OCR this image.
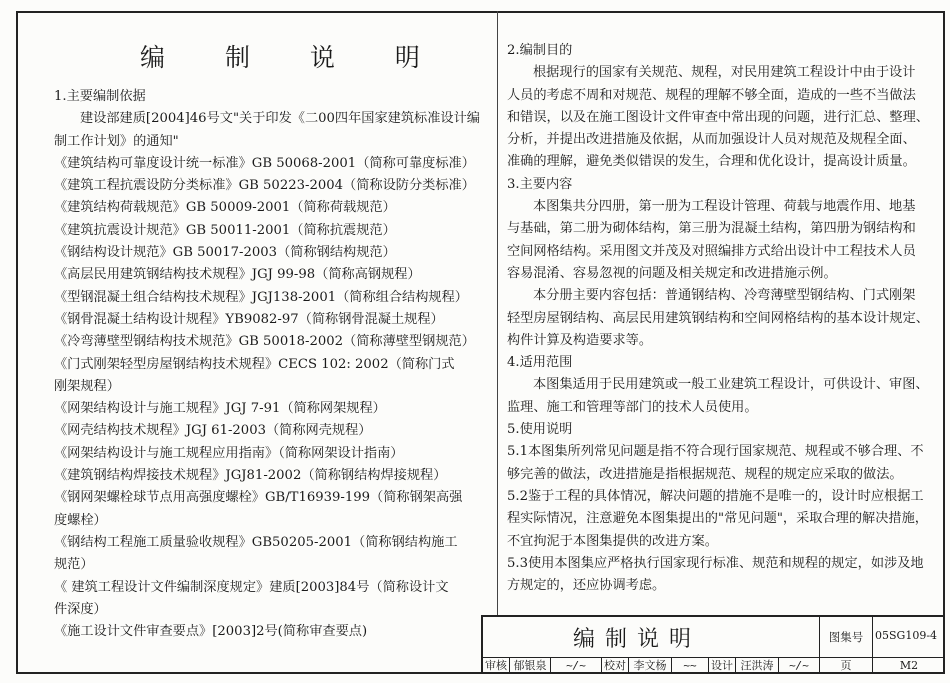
编 制 说 明
1.主要编制依据
建设部建质[2004]46号文"关于印发《二00四年国家建筑标准设计编
制工作计划》的通知"
《建筑结构可靠度设计统一标准》GB 50068-2001（简称可靠度标准）
《建筑工程抗震设防分类标准》GB 50223-2004（简称设防分类标准）
《建筑结构荷载规范》GB 50009-2001（简称荷载规范）
《建筑抗震设计规范》GB 50011-2001（简称抗震规范）
《钢结构设计规范》GB 50017-2003（简称钢结构规范）
《高层民用建筑钢结构技术规程》JGJ 99-98（简称高钢规程）
《型钢混凝土组合结构技术规程》JGJ138-2001（简称组合结构规程）
《钢骨混凝土结构设计规程》YB9082-97（简称钢骨混凝土规程）
《冷弯薄壁型钢结构技术规范》GB 50018-2002（简称薄壁型钢规范）
《门式刚架轻型房屋钢结构技术规程》CECS 102: 2002（简称门式
刚架规程）
《网架结构设计与施工规程》JGJ 7-91（简称网架规程）
《网壳结构技术规程》JGJ 61-2003（简称网壳规程）
《网架结构设计与施工规程应用指南》（简称网架设计指南）
《建筑钢结构焊接技术规程》JGJ81-2002（简称钢结构焊接规程）
《钢网架螺栓球节点用高强度螺栓》GB/T16939-199（简称钢架高强
度螺栓）
《钢结构工程施工质量验收规程》GB50205-2001（简称钢结构施工
规范）
《 建筑工程设计文件编制深度规定》建质[2003]84号（简称设计文
件深度）
《施工设计文件审查要点》[2003]2号(简称审查要点)
2.编制目的
根据现行的国家有关规范、规程，对民用建筑工程设计中由于设计
人员的考虑不周和对规范、规程的理解不够全面，造成的一些不当做法
和错误，以及在施工图设计文件审查中常出现的问题，进行汇总、整理、
分析，并提出改进措施及依据，从而加强设计人员对规范及规程全面、
准确的理解，避免类似错误的发生，合理和优化设计，提高设计质量。
3.主要内容
本图集共分四册，第一册为工程设计管理、荷载与地震作用、地基
与基础，第二册为砌体结构，第三册为混凝土结构，第四册为钢结构和
空间网格结构。采用图文并茂及对照编排方式给出设计中工程技术人员
容易混淆、容易忽视的问题及相关规定和改进措施示例。
本分册主要内容包括：普通钢结构、冷弯薄壁型钢结构、门式刚架
轻型房屋钢结构、高层民用建筑钢结构和空间网格结构的基本设计规定、
构件计算及构造要求等。
4.适用范围
本图集适用于民用建筑或一般工业建筑工程设计，可供设计、审图、
监理、施工和管理等部门的技术人员使用。
5.使用说明
5.1本图集所列常见问题是指不符合现行国家规范、规程或不够合理、不
够完善的做法，改进措施是指根据规范、规程的规定应采取的做法。
5.2鉴于工程的具体情况，解决问题的措施不是唯一的，设计时应根据工
程实际情况，注意避免本图集提出的"常见问题"，采取合理的解决措施，
不宜拘泥于本图集提供的改进方案。
5.3使用本图集应严格执行国家现行标准、规范和规程的规定，如涉及地
方规定的，还应协调考虑。
编制说明	图集号	05SG109-4
审核 郁银泉	~/~	校对 李文杨	~~	设计 汪洪涛	~/~	页	M2
